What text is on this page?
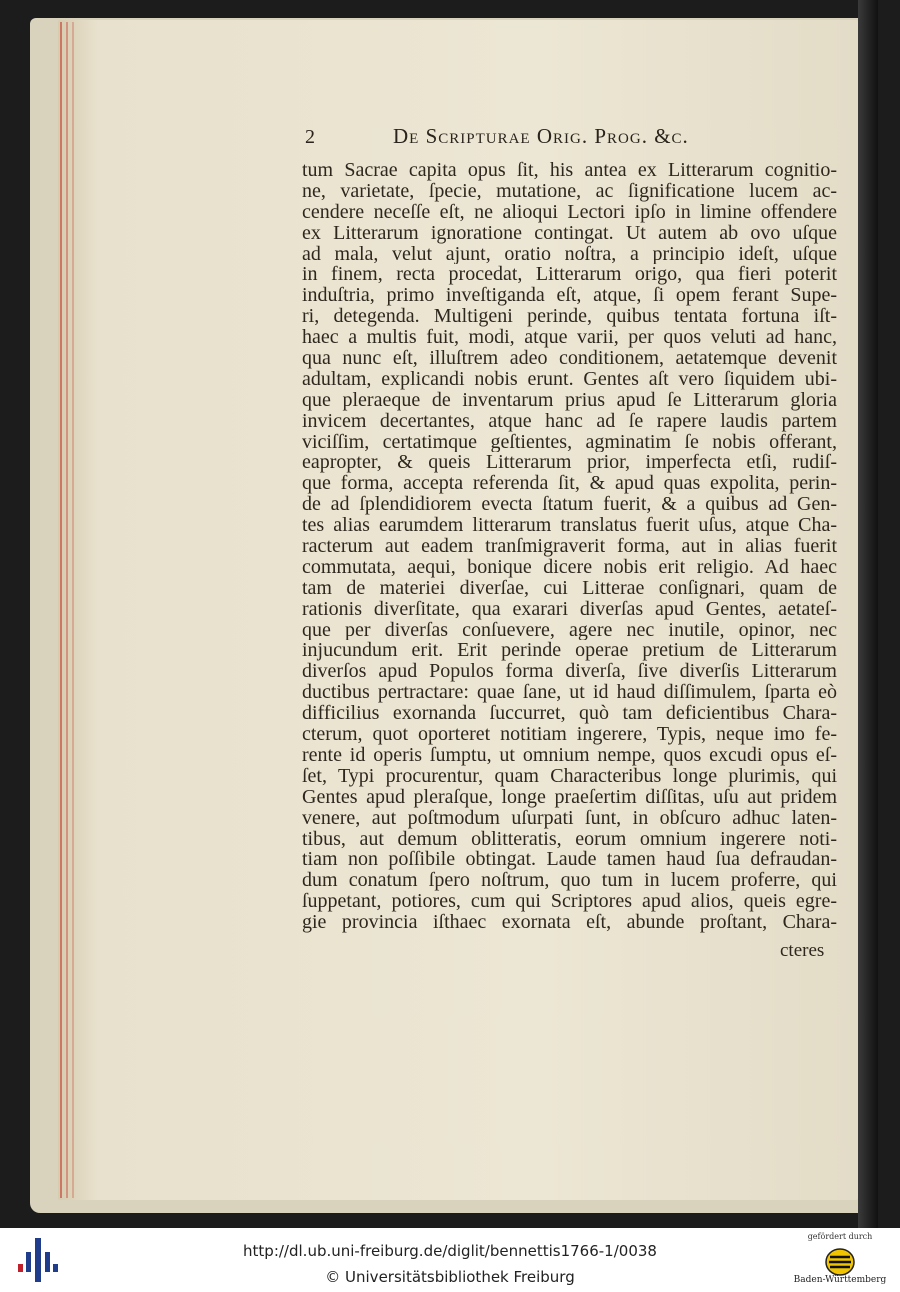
2	De Scripturae Orig. Prog. &c.
tum Sacrae capita opus ſit, his antea ex Litterarum cognitio-
ne, varietate, ſpecie, mutatione, ac ſignificatione lucem ac-
cendere neceſſe eſt, ne alioqui Lectori ipſo in limine offendere
ex Litterarum ignoratione contingat. Ut autem ab ovo uſque
ad mala, velut ajunt, oratio noſtra, a principio ideſt, uſque
in finem, recta procedat, Litterarum origo, qua fieri poterit
induſtria, primo inveſtiganda eſt, atque, ſi opem ferant Supe-
ri, detegenda. Multigeni perinde, quibus tentata fortuna iſt-
haec a multis fuit, modi, atque varii, per quos veluti ad hanc,
qua nunc eſt, illuſtrem adeo conditionem, aetatemque devenit
adultam, explicandi nobis erunt. Gentes aſt vero ſiquidem ubi-
que pleraeque de inventarum prius apud ſe Litterarum gloria
invicem decertantes, atque hanc ad ſe rapere laudis partem
viciſſim, certatimque geſtientes, agminatim ſe nobis offerant,
eapropter, & queis Litterarum prior, imperfecta etſi, rudiſ-
que forma, accepta referenda ſit, & apud quas expolita, perin-
de ad ſplendidiorem evecta ſtatum fuerit, & a quibus ad Gen-
tes alias earumdem litterarum translatus fuerit uſus, atque Cha-
racterum aut eadem tranſmigraverit forma, aut in alias fuerit
commutata, aequi, bonique dicere nobis erit religio. Ad haec
tam de materiei diverſae, cui Litterae conſignari, quam de
rationis diverſitate, qua exarari diverſas apud Gentes, aetateſ-
que per diverſas conſuevere, agere nec inutile, opinor, nec
injucundum erit. Erit perinde operae pretium de Litterarum
diverſos apud Populos forma diverſa, ſive diverſis Litterarum
ductibus pertractare: quae ſane, ut id haud diſſimulem, ſparta eò
difficilius exornanda ſuccurret, quò tam deficientibus Chara-
cterum, quot oporteret notitiam ingerere, Typis, neque imo fe-
rente id operis ſumptu, ut omnium nempe, quos excudi opus eſ-
ſet, Typi procurentur, quam Characteribus longe plurimis, qui
Gentes apud pleraſque, longe praeſertim diſſitas, uſu aut pridem
venere, aut poſtmodum uſurpati ſunt, in obſcuro adhuc laten-
tibus, aut demum oblitteratis, eorum omnium ingerere noti-
tiam non poſſibile obtingat. Laude tamen haud ſua defraudan-
dum conatum ſpero noſtrum, quo tum in lucem proferre, qui
ſuppetant, potiores, cum qui Scriptores apud alios, queis egre-
gie provincia iſthaec exornata eſt, abunde proſtant, Chara-
cteres
http://dl.ub.uni-freiburg.de/diglit/bennettis1766-1/0038
© Universitätsbibliothek Freiburg
gefördert durch
Baden-Württemberg
